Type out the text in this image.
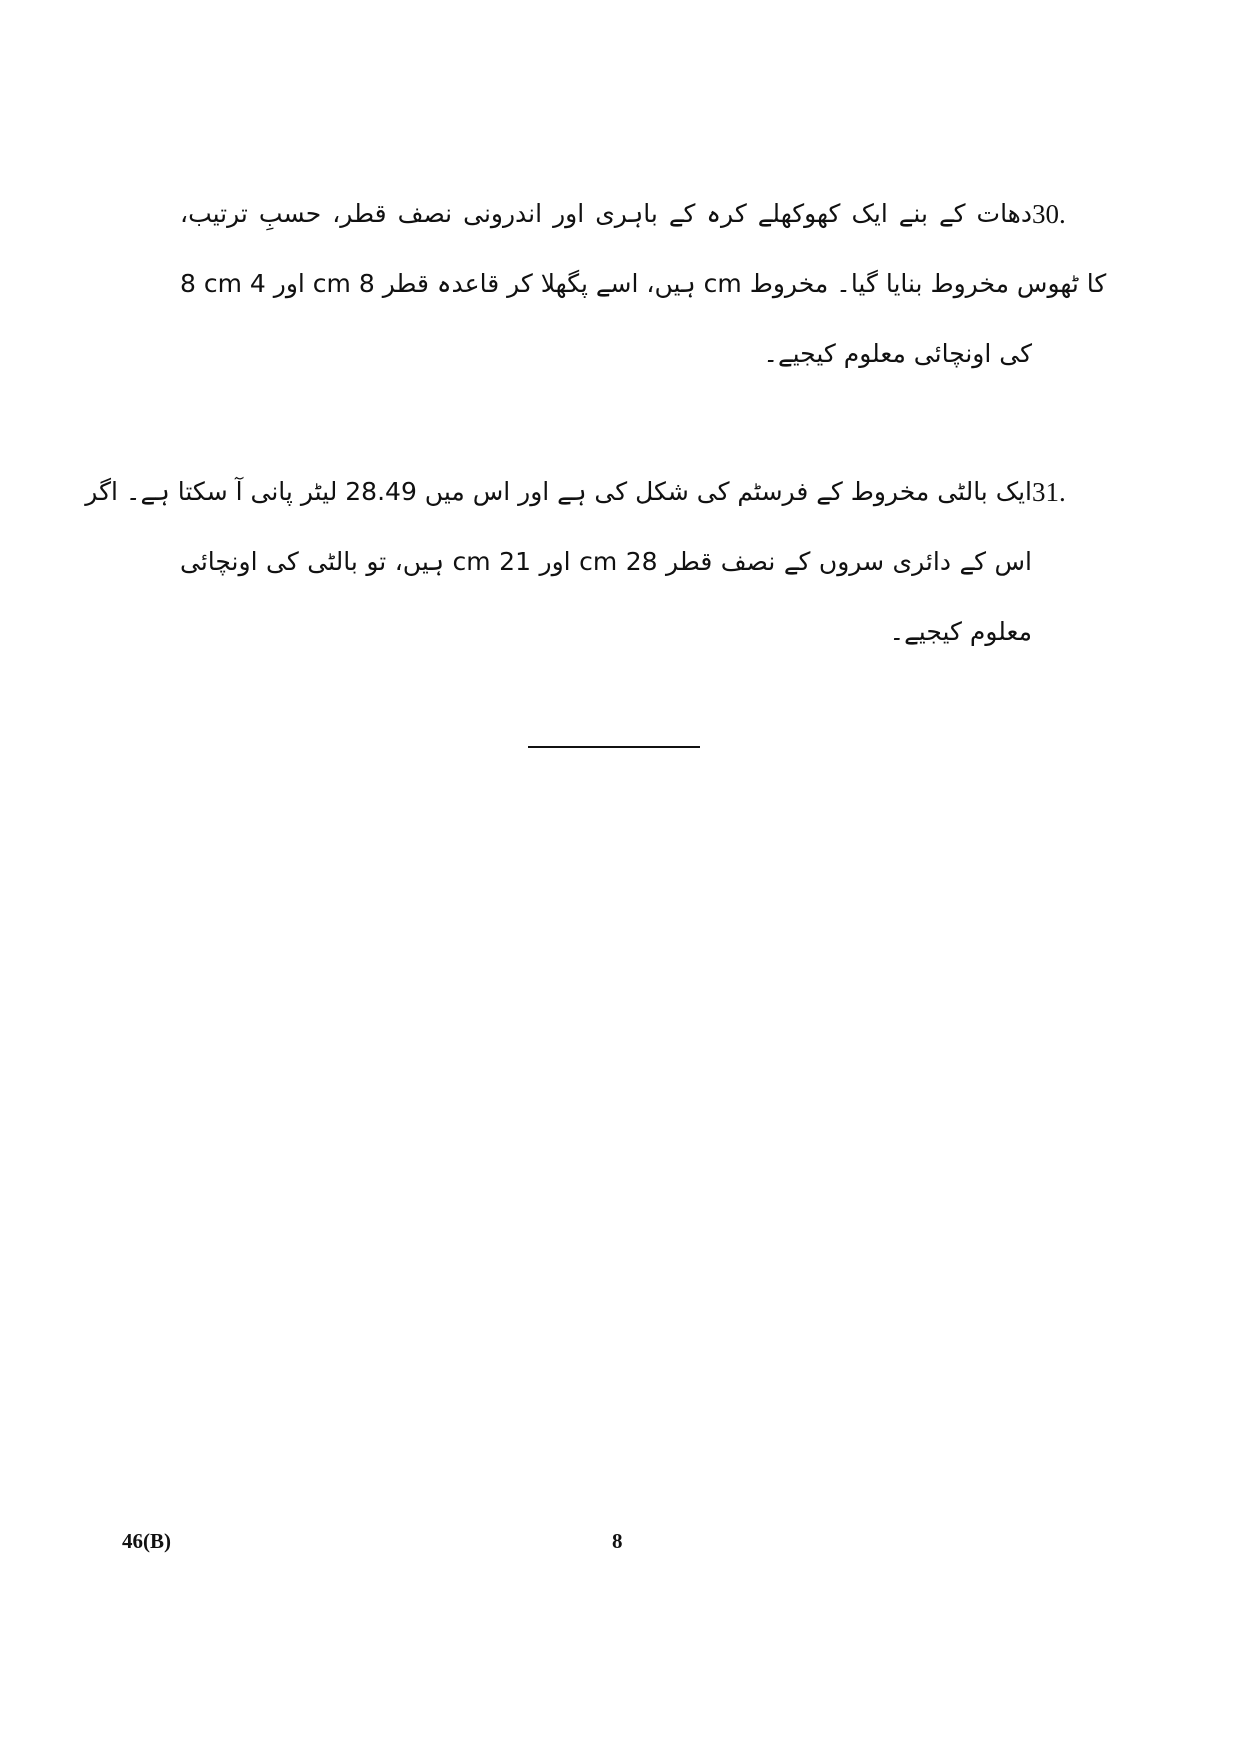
30.
دھات کے بنے ایک کھوکھلے کرہ کے باہری اور اندرونی نصف قطر، حسبِ ترتیب،
8 cm اور 4 cm ہیں، اسے پگھلا کر قاعدہ قطر 8 cm کا ٹھوس مخروط بنایا گیا۔ مخروط
کی اونچائی معلوم کیجیے۔
31.
ایک بالٹی مخروط کے فرسٹم کی شکل کی ہے اور اس میں 28.49 لیٹر پانی آ سکتا ہے۔ اگر
اس کے دائری سروں کے نصف قطر 28 cm اور 21 cm ہیں، تو بالٹی کی اونچائی
معلوم کیجیے۔
46(B)	8
